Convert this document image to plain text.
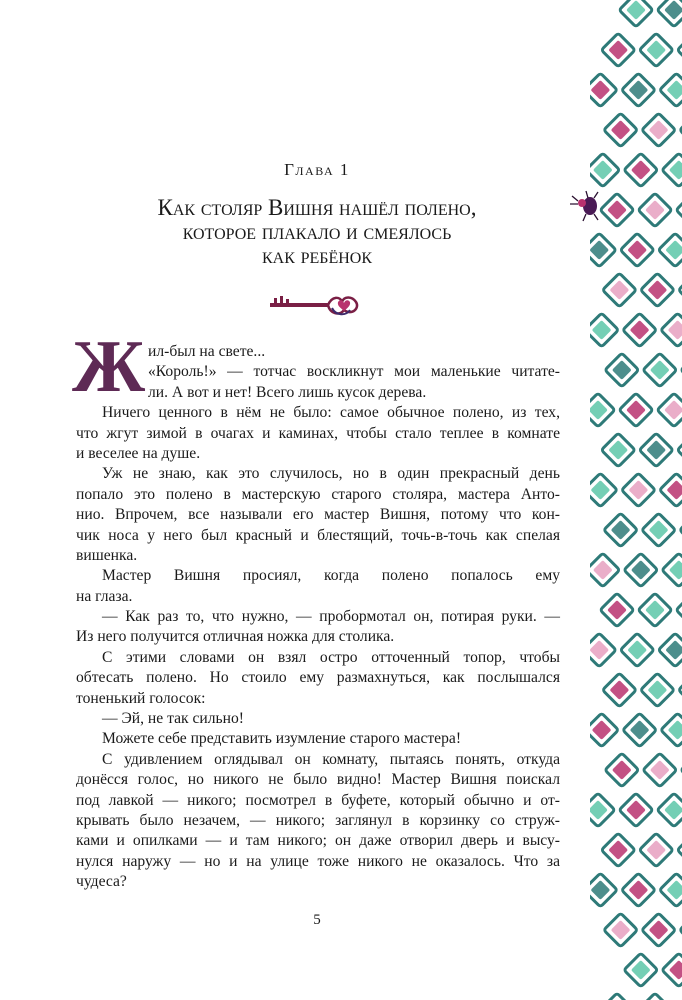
Глава 1
Как столяр Вишня нашёл полено,
которое плакало и смеялось
как ребёнок
Ж ил-был на свете...
«Король!» — тотчас воскликнут мои маленькие читате-
ли. А вот и нет! Всего лишь кусок дерева.
Ничего ценного в нём не было: самое обычное полено, из тех,
что жгут зимой в очагах и каминах, чтобы стало теплее в комнате
и веселее на душе.
Уж не знаю, как это случилось, но в один прекрасный день
попало это полено в мастерскую старого столяра, мастера Анто-
нио. Впрочем, все называли его мастер Вишня, потому что кон-
чик носа у него был красный и блестящий, точь-в-точь как спелая
вишенка.
Мастер Вишня просиял, когда полено попалось ему
на глаза.
— Как раз то, что нужно, — пробормотал он, потирая руки. —
Из него получится отличная ножка для столика.
С этими словами он взял остро отточенный топор, чтобы
обтесать полено. Но стоило ему размахнуться, как послышался
тоненький голосок:
— Эй, не так сильно!
Можете себе представить изумление старого мастера!
С удивлением оглядывал он комнату, пытаясь понять, откуда
донёсся голос, но никого не было видно! Мастер Вишня поискал
под лавкой — никого; посмотрел в буфете, который обычно и от-
крывать было незачем, — никого; заглянул в корзинку со струж-
ками и опилками — и там никого; он даже отворил дверь и высу-
нулся наружу — но и на улице тоже никого не оказалось. Что за
чудеса?
5
